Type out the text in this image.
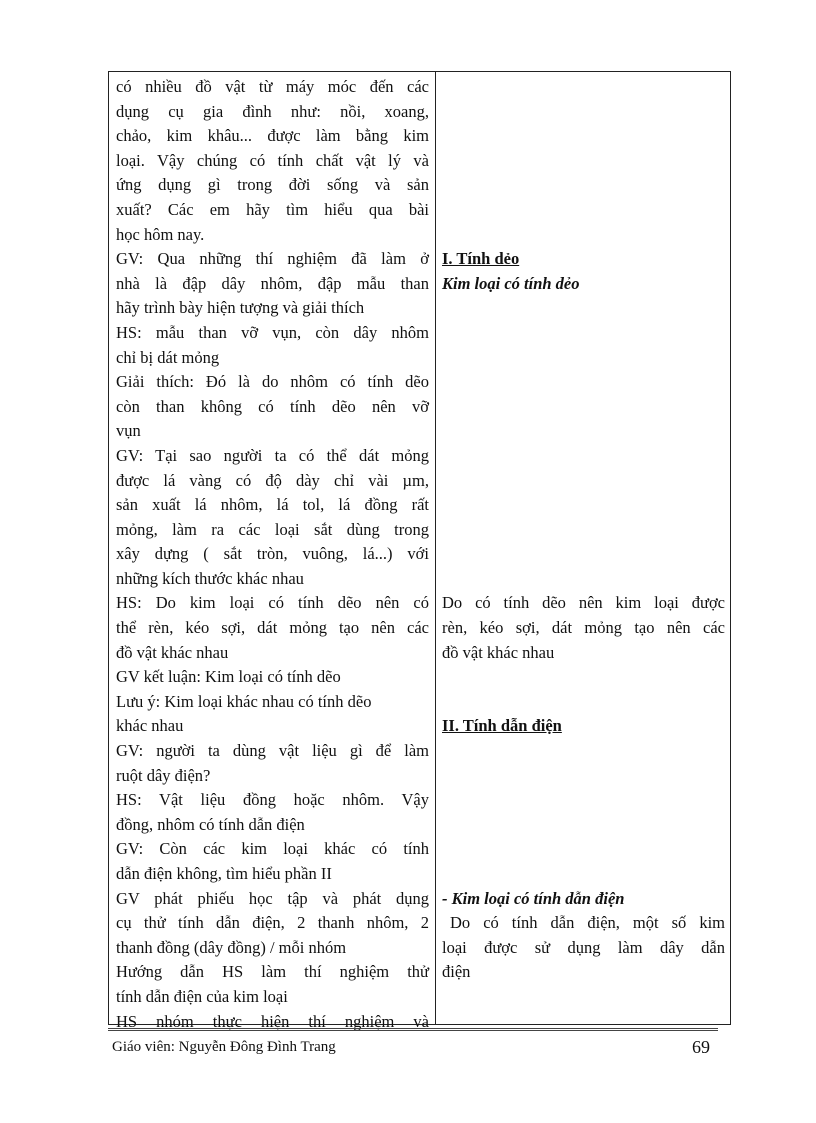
có nhiều đồ vật từ máy móc đến các
dụng cụ gia đình như: nồi, xoang,
chảo, kim khâu... được làm bằng kim
loại. Vậy chúng có tính chất vật lý và
ứng dụng gì trong đời sống và sản
xuất? Các em hãy tìm hiểu qua bài
học hôm nay.
GV: Qua những thí nghiệm đã làm ở
nhà là đập dây nhôm, đập mẫu than
hãy trình bày hiện tượng và giải thích
HS: mẫu than vỡ vụn, còn dây nhôm
chỉ bị dát mỏng
Giải thích: Đó là do nhôm có tính dẽo
còn than không có tính dẽo nên vỡ
vụn
GV: Tại sao người ta có thể dát mỏng
được lá vàng có độ dày chỉ vài µm,
sản xuất lá nhôm, lá tol, lá đồng rất
mỏng, làm ra các loại sắt dùng trong
xây dựng ( sắt tròn, vuông, lá...) với
những kích thước khác nhau
HS: Do kim loại có tính dẽo nên có
thể rèn, kéo sợi, dát mỏng tạo nên các
đồ vật khác nhau
GV kết luận: Kim loại có tính dẽo
Lưu ý: Kim loại khác nhau có tính dẽo
khác nhau
GV: người ta dùng vật liệu gì để làm
ruột dây điện?
HS: Vật liệu đồng hoặc nhôm. Vậy
đồng, nhôm có tính dẫn điện
GV: Còn các kim loại khác có tính
dẫn điện không, tìm hiểu phần II
GV phát phiếu học tập và phát dụng
cụ thử tính dẫn điện, 2 thanh nhôm, 2
thanh đồng (dây đồng) / mỗi nhóm
Hướng dẫn HS làm thí nghiệm thử
tính dẫn điện của kim loại
HS nhóm thực hiện thí nghiệm và
I. Tính dẻo
Kim loại có tính dẻo
Do có tính dẽo nên kim loại được
rèn, kéo sợi, dát mỏng tạo nên các
đồ vật khác nhau
II. Tính dẫn điện
- Kim loại có tính dẫn điện
Do có tính dẫn điện, một số kim
loại được sử dụng làm dây dẫn
điện
Giáo viên: Nguyễn Đông Đình Trang	69
